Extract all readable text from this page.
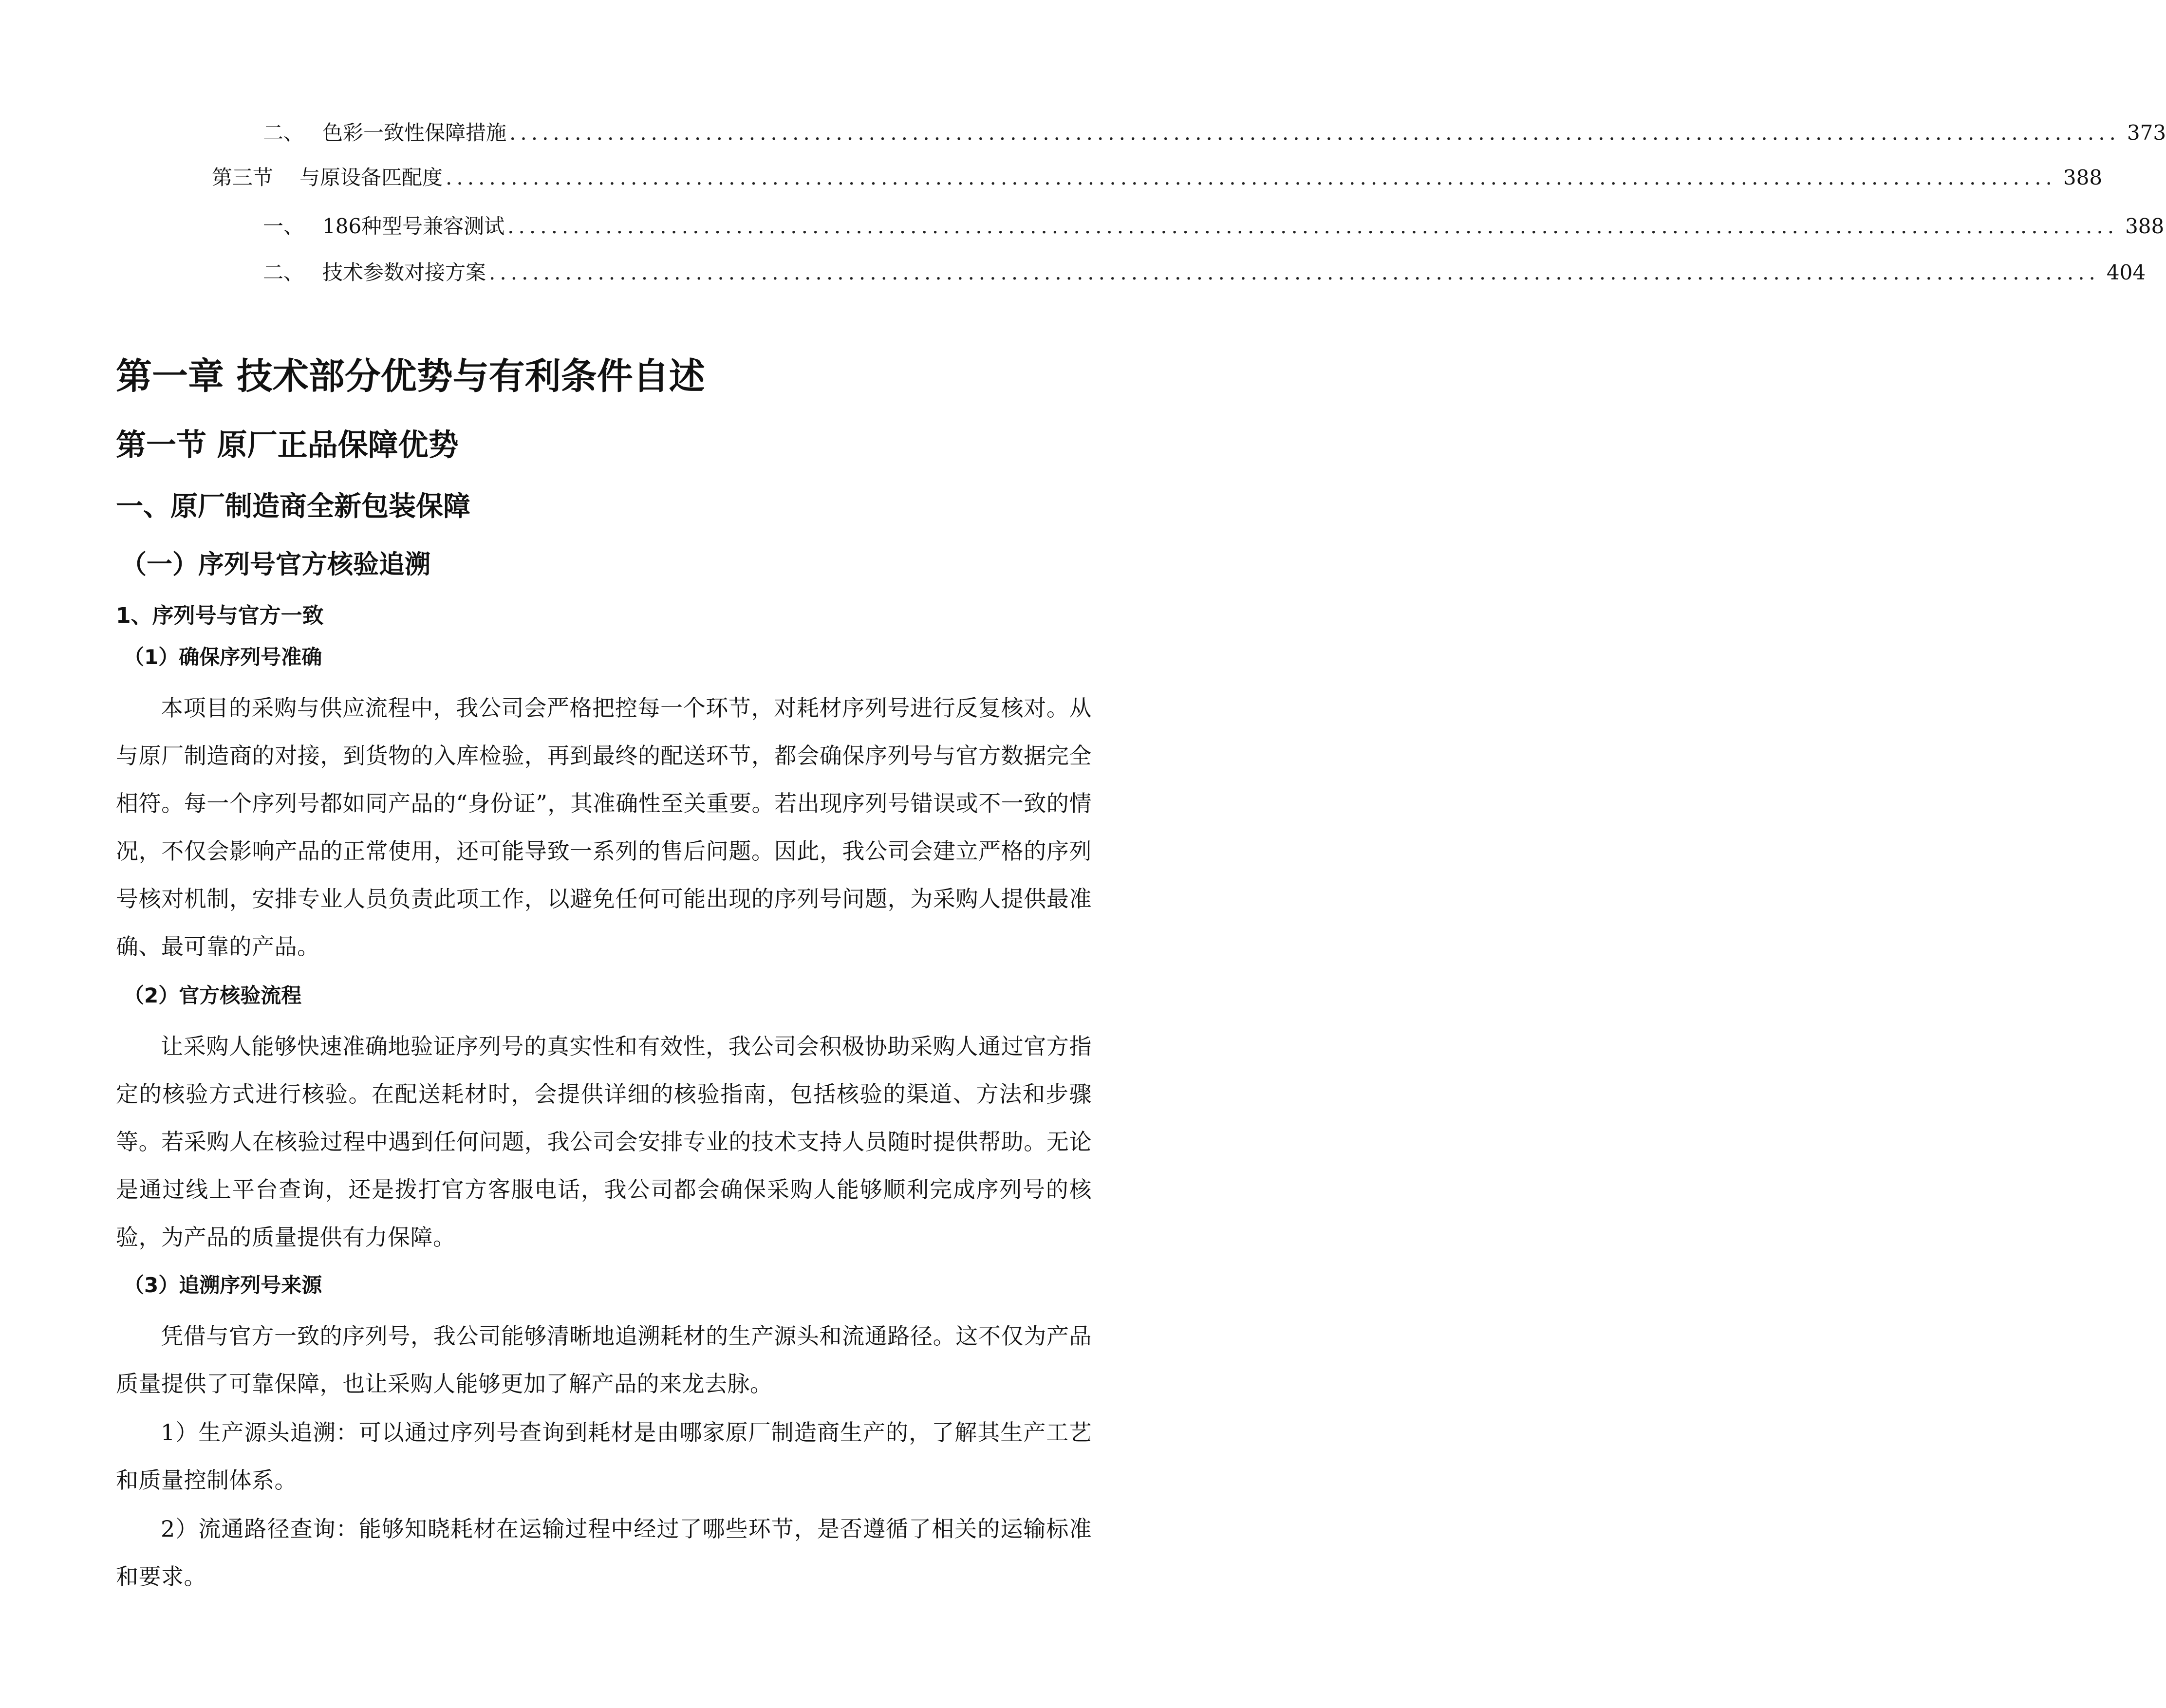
二、 色彩一致性保障措施 .................................................................................................................................................... 373
第三节 与原设备匹配度 .................................................................................................................................................... 388
一、 186种型号兼容测试 .................................................................................................................................................... 388
二、 技术参数对接方案 .................................................................................................................................................... 404
第一章 技术部分优势与有利条件自述
第一节 原厂正品保障优势
一、原厂制造商全新包装保障
（一）序列号官方核验追溯
1、序列号与官方一致
（1）确保序列号准确

本项目的采购与供应流程中，我公司会严格把控每一个环节，对耗材序列号进行反复核对。从与原厂制造商的对接，到货物的入库检验，再到最终的配送环节，都会确保序列号与官方数据完全相符。每一个序列号都如同产品的“身份证”，其准确性至关重要。若出现序列号错误或不一致的情况，不仅会影响产品的正常使用，还可能导致一系列的售后问题。因此，我公司会建立严格的序列号核对机制，安排专业人员负责此项工作，以避免任何可能出现的序列号问题，为采购人提供最准确、最可靠的产品。

（2）官方核验流程

让采购人能够快速准确地验证序列号的真实性和有效性，我公司会积极协助采购人通过官方指定的核验方式进行核验。在配送耗材时，会提供详细的核验指南，包括核验的渠道、方法和步骤等。若采购人在核验过程中遇到任何问题，我公司会安排专业的技术支持人员随时提供帮助。无论是通过线上平台查询，还是拨打官方客服电话，我公司都会确保采购人能够顺利完成序列号的核验，为产品的质量提供有力保障。

（3）追溯序列号来源

凭借与官方一致的序列号，我公司能够清晰地追溯耗材的生产源头和流通路径。这不仅为产品质量提供了可靠保障，也让采购人能够更加了解产品的来龙去脉。

1）生产源头追溯：可以通过序列号查询到耗材是由哪家原厂制造商生产的，了解其生产工艺和质量控制体系。

2）流通路径查询：能够知晓耗材在运输过程中经过了哪些环节，是否遵循了相关的运输标准和要求。
